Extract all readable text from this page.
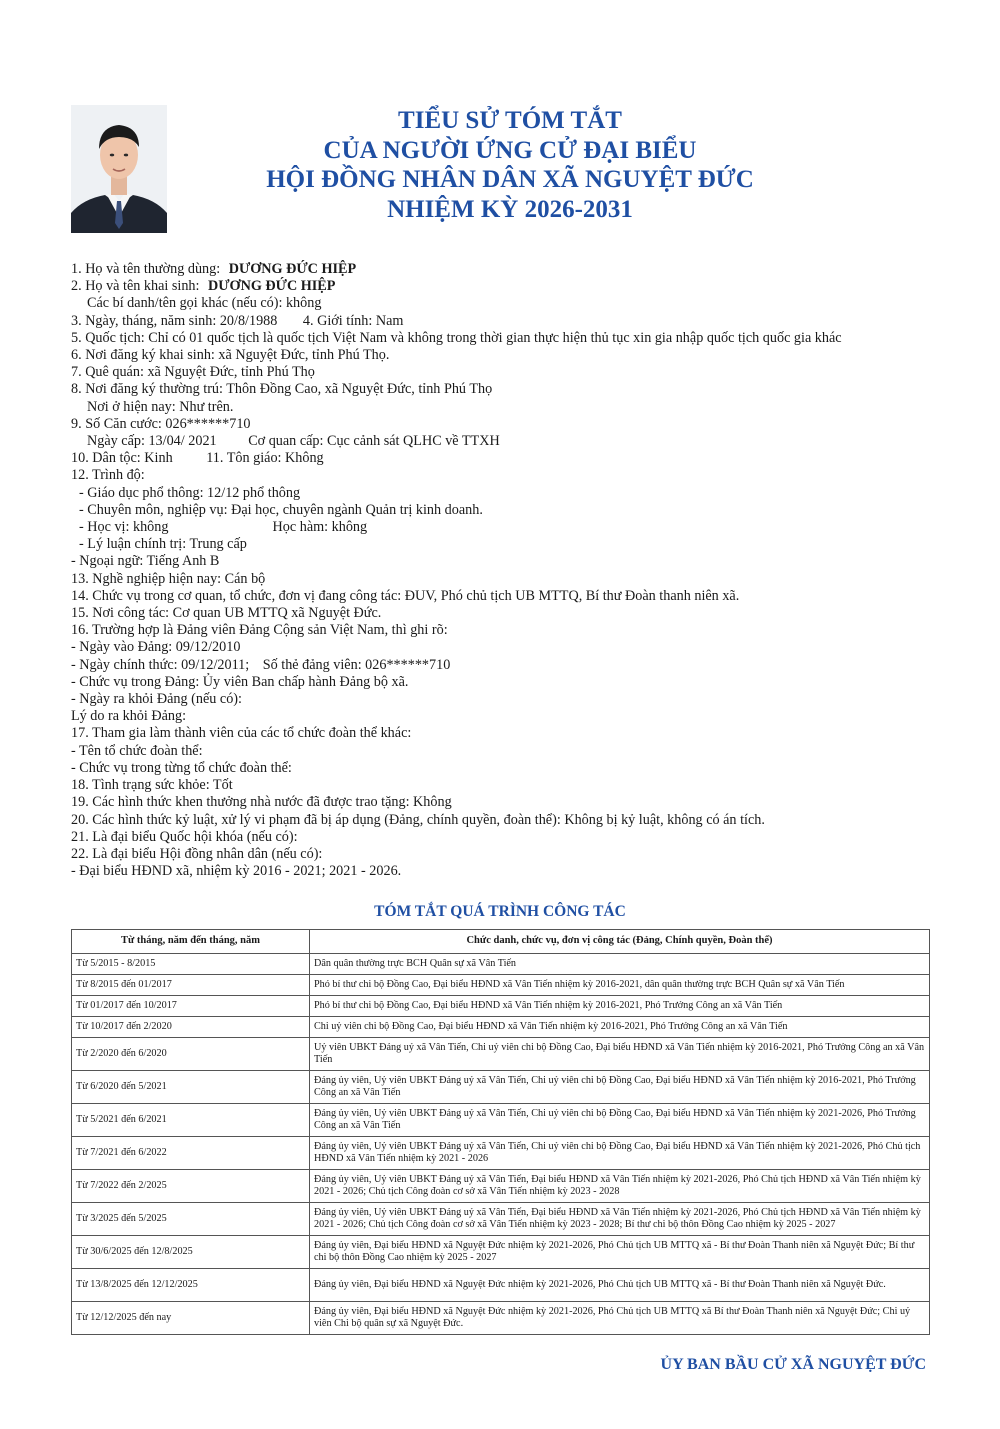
TIỂU SỬ TÓM TẮT
CỦA NGƯỜI ỨNG CỬ ĐẠI BIỂU
HỘI ĐỒNG NHÂN DÂN XÃ NGUYỆT ĐỨC
NHIỆM KỲ 2026-2031
1. Họ và tên thường dùng: DƯƠNG ĐỨC HIỆP
2. Họ và tên khai sinh: DƯƠNG ĐỨC HIỆP
Các bí danh/tên gọi khác (nếu có): không
3. Ngày, tháng, năm sinh: 20/8/1988 4. Giới tính: Nam
5. Quốc tịch: Chỉ có 01 quốc tịch là quốc tịch Việt Nam và không trong thời gian thực hiện thủ tục xin gia nhập quốc tịch quốc gia khác
6. Nơi đăng ký khai sinh: xã Nguyệt Đức, tỉnh Phú Thọ.
7. Quê quán: xã Nguyệt Đức, tỉnh Phú Thọ
8. Nơi đăng ký thường trú: Thôn Đồng Cao, xã Nguyệt Đức, tỉnh Phú Thọ
Nơi ở hiện nay: Như trên.
9. Số Căn cước: 026******710
Ngày cấp: 13/04/ 2021 Cơ quan cấp: Cục cảnh sát QLHC về TTXH
10. Dân tộc: Kinh 11. Tôn giáo: Không
12. Trình độ:
- Giáo dục phổ thông: 12/12 phổ thông
- Chuyên môn, nghiệp vụ: Đại học, chuyên ngành Quản trị kinh doanh.
- Học vị: không	Học hàm: không
- Lý luận chính trị: Trung cấp
- Ngoại ngữ: Tiếng Anh B
13. Nghề nghiệp hiện nay: Cán bộ
14. Chức vụ trong cơ quan, tổ chức, đơn vị đang công tác: ĐUV, Phó chủ tịch UB MTTQ, Bí thư Đoàn thanh niên xã.
15. Nơi công tác: Cơ quan UB MTTQ xã Nguyệt Đức.
16. Trường hợp là Đảng viên Đảng Cộng sản Việt Nam, thì ghi rõ:
- Ngày vào Đảng: 09/12/2010
- Ngày chính thức: 09/12/2011; Số thẻ đảng viên: 026******710
- Chức vụ trong Đảng: Ủy viên Ban chấp hành Đảng bộ xã.
- Ngày ra khỏi Đảng (nếu có):
Lý do ra khỏi Đảng:
17. Tham gia làm thành viên của các tổ chức đoàn thể khác:
- Tên tổ chức đoàn thể:
- Chức vụ trong từng tổ chức đoàn thể:
18. Tình trạng sức khỏe: Tốt
19. Các hình thức khen thưởng nhà nước đã được trao tặng: Không
20. Các hình thức kỷ luật, xử lý vi phạm đã bị áp dụng (Đảng, chính quyền, đoàn thể): Không bị kỷ luật, không có án tích.
21. Là đại biểu Quốc hội khóa (nếu có):
22. Là đại biểu Hội đồng nhân dân (nếu có):
- Đại biểu HĐND xã, nhiệm kỳ 2016 - 2021; 2021 - 2026.
TÓM TẮT QUÁ TRÌNH CÔNG TÁC
Từ tháng, năm đến tháng, năm	Chức danh, chức vụ, đơn vị công tác (Đảng, Chính quyền, Đoàn thể)
Từ 5/2015 - 8/2015	Dân quân thường trực BCH Quân sự xã Vân Tiến
Từ 8/2015 đến 01/2017	Phó bí thư chi bộ Đồng Cao, Đại biểu HĐND xã Vân Tiến nhiệm kỳ 2016-2021, dân quân thường trực BCH Quân sự xã Vân Tiến
Từ 01/2017 đến 10/2017	Phó bí thư chi bộ Đồng Cao, Đại biểu HĐND xã Vân Tiến nhiệm kỳ 2016-2021, Phó Trưởng Công an xã Vân Tiến
Từ 10/2017 đến 2/2020	Chi uỷ viên chi bộ Đồng Cao, Đại biểu HĐND xã Vân Tiến nhiệm kỳ 2016-2021, Phó Trưởng Công an xã Vân Tiến
Từ 2/2020 đến 6/2020	Uỷ viên UBKT Đảng uỷ xã Vân Tiến, Chi uỷ viên chi bộ Đồng Cao, Đại biểu HĐND xã Vân Tiến nhiệm kỳ 2016-2021, Phó Trưởng Công an xã Vân Tiến
Từ 6/2020 đến 5/2021	Đảng ủy viên, Uỷ viên UBKT Đảng uỷ xã Vân Tiến, Chi uỷ viên chi bộ Đồng Cao, Đại biểu HĐND xã Vân Tiến nhiệm kỳ 2016-2021, Phó Trưởng Công an xã Vân Tiến
Từ 5/2021 đến 6/2021	Đảng ủy viên, Uỷ viên UBKT Đảng uỷ xã Vân Tiến, Chi uỷ viên chi bộ Đồng Cao, Đại biểu HĐND xã Vân Tiến nhiệm kỳ 2021-2026, Phó Trưởng Công an xã Vân Tiến
Từ 7/2021 đến 6/2022	Đảng ủy viên, Uỷ viên UBKT Đảng uỷ xã Vân Tiến, Chi uỷ viên chi bộ Đồng Cao, Đại biểu HĐND xã Vân Tiến nhiệm kỳ 2021-2026, Phó Chủ tịch HĐND xã Vân Tiến nhiệm kỳ 2021 - 2026
Từ 7/2022 đến 2/2025	Đảng ủy viên, Uỷ viên UBKT Đảng uỷ xã Vân Tiến, Đại biểu HĐND xã Vân Tiến nhiệm kỳ 2021-2026, Phó Chủ tịch HĐND xã Vân Tiến nhiệm kỳ 2021 - 2026; Chủ tịch Công đoàn cơ sở xã Vân Tiến nhiệm kỳ 2023 - 2028
Từ 3/2025 đến 5/2025	Đảng ủy viên, Uỷ viên UBKT Đảng uỷ xã Vân Tiến, Đại biểu HĐND xã Vân Tiến nhiệm kỳ 2021-2026, Phó Chủ tịch HĐND xã Vân Tiến nhiệm kỳ 2021 - 2026; Chủ tịch Công đoàn cơ sở xã Vân Tiến nhiệm kỳ 2023 - 2028; Bí thư chi bộ thôn Đồng Cao nhiệm kỳ 2025 - 2027
Từ 30/6/2025 đến 12/8/2025	Đảng ủy viên, Đại biểu HĐND xã Nguyệt Đức nhiệm kỳ 2021-2026, Phó Chủ tịch UB MTTQ xã - Bí thư Đoàn Thanh niên xã Nguyệt Đức; Bí thư chi bộ thôn Đồng Cao nhiệm kỳ 2025 - 2027
Từ 13/8/2025 đến 12/12/2025	Đảng ủy viên, Đại biểu HĐND xã Nguyệt Đức nhiệm kỳ 2021-2026, Phó Chủ tịch UB MTTQ xã - Bí thư Đoàn Thanh niên xã Nguyệt Đức.
Từ 12/12/2025 đến nay	Đảng ủy viên, Đại biểu HĐND xã Nguyệt Đức nhiệm kỳ 2021-2026, Phó Chủ tịch UB MTTQ xã Bí thư Đoàn Thanh niên xã Nguyệt Đức; Chi uỷ viên Chi bộ quân sự xã Nguyệt Đức.
ỦY BAN BẦU CỬ XÃ NGUYỆT ĐỨC
